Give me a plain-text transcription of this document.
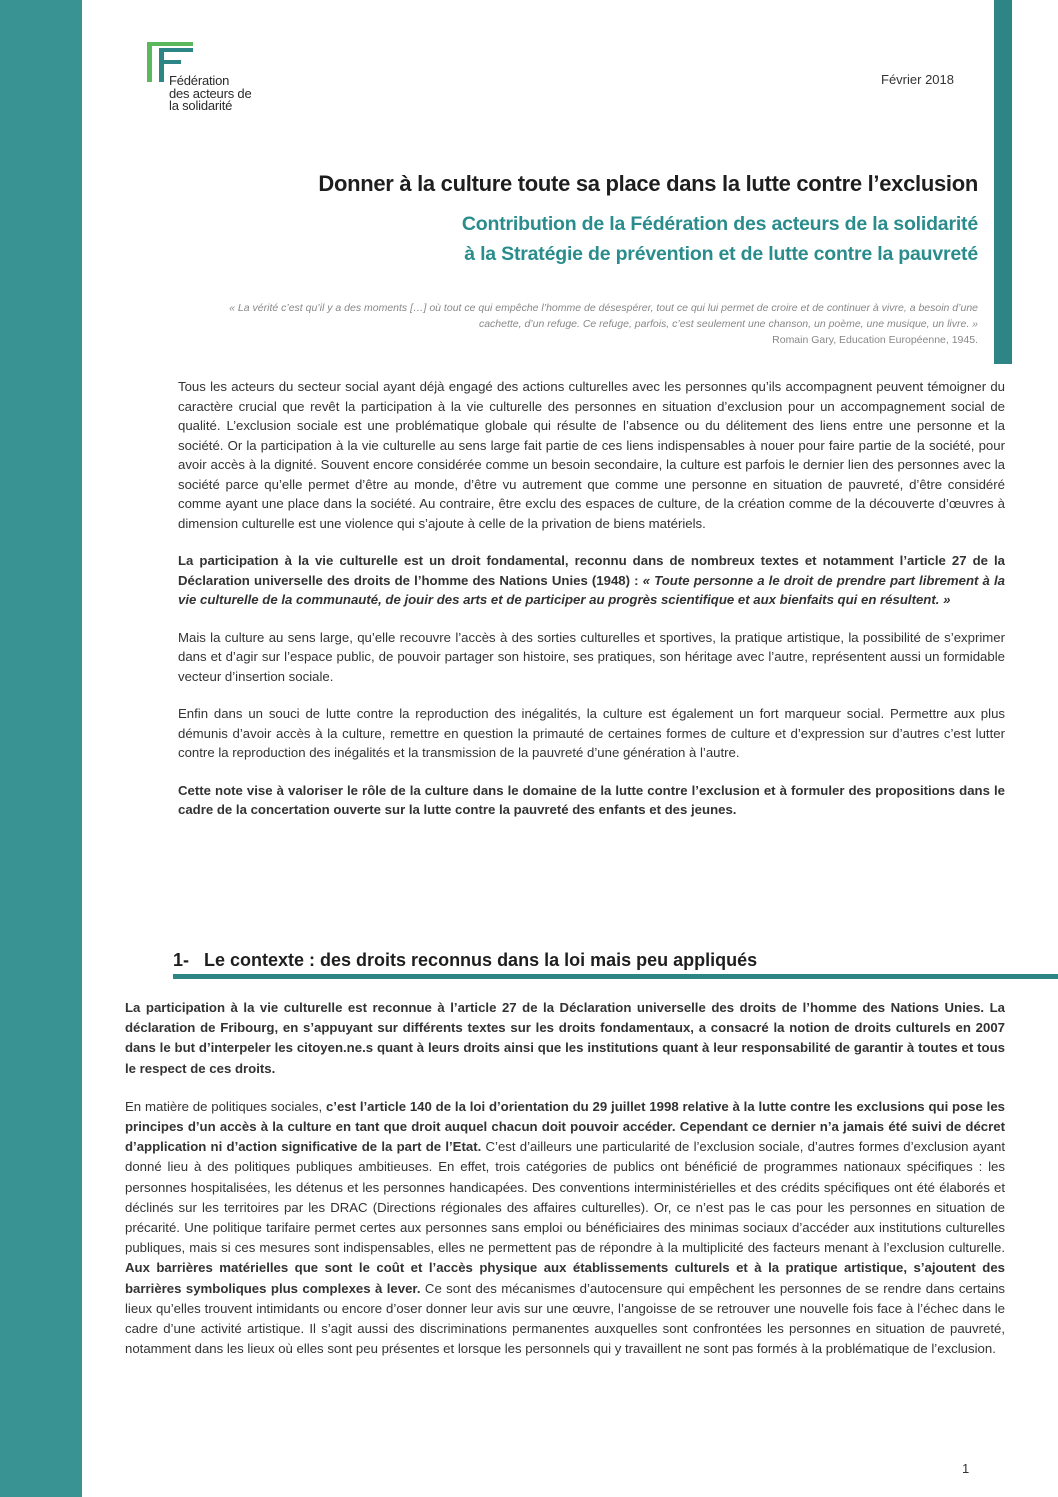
Fédération
des acteurs de
la solidarité
Février 2018
Donner à la culture toute sa place dans la lutte contre l’exclusion
Contribution de la Fédération des acteurs de la solidarité
à la Stratégie de prévention et de lutte contre la pauvreté
« La vérité c’est qu’il y a des moments […] où tout ce qui empêche l’homme de désespérer, tout ce qui lui permet de croire et de continuer à vivre, a besoin d’une cachette, d’un refuge. Ce refuge, parfois, c’est seulement une chanson, un poème, une musique, un livre. »
Romain Gary, Education Européenne, 1945.

Tous les acteurs du secteur social ayant déjà engagé des actions culturelles avec les personnes qu’ils accompagnent peuvent témoigner du caractère crucial que revêt la participation à la vie culturelle des personnes en situation d’exclusion pour un accompagnement social de qualité. L’exclusion sociale est une problématique globale qui résulte de l’absence ou du délitement des liens entre une personne et la société. Or la participation à la vie culturelle au sens large fait partie de ces liens indispensables à nouer pour faire partie de la société, pour avoir accès à la dignité. Souvent encore considérée comme un besoin secondaire, la culture est parfois le dernier lien des personnes avec la société parce qu’elle permet d’être au monde, d’être vu autrement que comme une personne en situation de pauvreté, d’être considéré comme ayant une place dans la société. Au contraire, être exclu des espaces de culture, de la création comme de la découverte d’œuvres à dimension culturelle est une violence qui s’ajoute à celle de la privation de biens matériels.

La participation à la vie culturelle est un droit fondamental, reconnu dans de nombreux textes et notamment l’article 27 de la Déclaration universelle des droits de l’homme des Nations Unies (1948) : « Toute personne a le droit de prendre part librement à la vie culturelle de la communauté, de jouir des arts et de participer au progrès scientifique et aux bienfaits qui en résultent. »

Mais la culture au sens large, qu’elle recouvre l’accès à des sorties culturelles et sportives, la pratique artistique, la possibilité de s’exprimer dans et d’agir sur l’espace public, de pouvoir partager son histoire, ses pratiques, son héritage avec l’autre, représentent aussi un formidable vecteur d’insertion sociale.

Enfin dans un souci de lutte contre la reproduction des inégalités, la culture est également un fort marqueur social. Permettre aux plus démunis d’avoir accès à la culture, remettre en question la primauté de certaines formes de culture et d’expression sur d’autres c’est lutter contre la reproduction des inégalités et la transmission de la pauvreté d’une génération à l’autre.

Cette note vise à valoriser le rôle de la culture dans le domaine de la lutte contre l’exclusion et à formuler des propositions dans le cadre de la concertation ouverte sur la lutte contre la pauvreté des enfants et des jeunes.

1- Le contexte : des droits reconnus dans la loi mais peu appliqués

La participation à la vie culturelle est reconnue à l’article 27 de la Déclaration universelle des droits de l’homme des Nations Unies. La déclaration de Fribourg, en s’appuyant sur différents textes sur les droits fondamentaux, a consacré la notion de droits culturels en 2007 dans le but d’interpeler les citoyen.ne.s quant à leurs droits ainsi que les institutions quant à leur responsabilité de garantir à toutes et tous le respect de ces droits.

En matière de politiques sociales, c’est l’article 140 de la loi d’orientation du 29 juillet 1998 relative à la lutte contre les exclusions qui pose les principes d’un accès à la culture en tant que droit auquel chacun doit pouvoir accéder. Cependant ce dernier n’a jamais été suivi de décret d’application ni d’action significative de la part de l’Etat. C’est d’ailleurs une particularité de l’exclusion sociale, d’autres formes d’exclusion ayant donné lieu à des politiques publiques ambitieuses. En effet, trois catégories de publics ont bénéficié de programmes nationaux spécifiques : les personnes hospitalisées, les détenus et les personnes handicapées. Des conventions interministérielles et des crédits spécifiques ont été élaborés et déclinés sur les territoires par les DRAC (Directions régionales des affaires culturelles). Or, ce n’est pas le cas pour les personnes en situation de précarité. Une politique tarifaire permet certes aux personnes sans emploi ou bénéficiaires des minimas sociaux d’accéder aux institutions culturelles publiques, mais si ces mesures sont indispensables, elles ne permettent pas de répondre à la multiplicité des facteurs menant à l’exclusion culturelle. Aux barrières matérielles que sont le coût et l’accès physique aux établissements culturels et à la pratique artistique, s’ajoutent des barrières symboliques plus complexes à lever. Ce sont des mécanismes d’autocensure qui empêchent les personnes de se rendre dans certains lieux qu’elles trouvent intimidants ou encore d’oser donner leur avis sur une œuvre, l’angoisse de se retrouver une nouvelle fois face à l’échec dans le cadre d’une activité artistique. Il s’agit aussi des discriminations permanentes auxquelles sont confrontées les personnes en situation de pauvreté, notamment dans les lieux où elles sont peu présentes et lorsque les personnels qui y travaillent ne sont pas formés à la problématique de l’exclusion.

1
